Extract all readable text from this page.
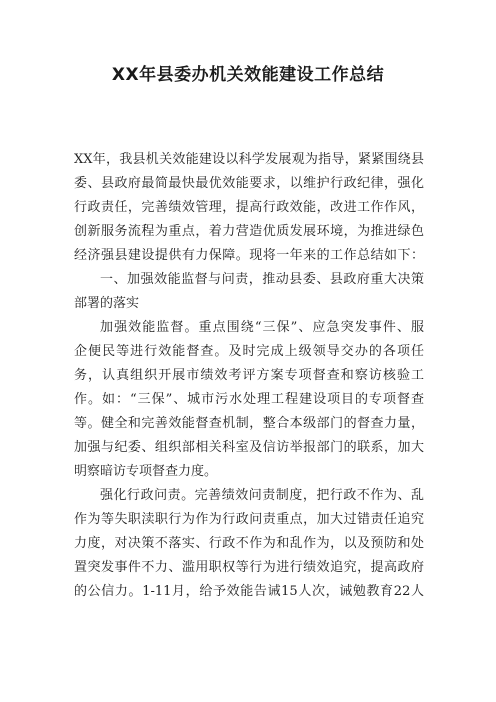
XX年县委办机关效能建设工作总结
XX年，我县机关效能建设以科学发展观为指导，紧紧围绕县
委、县政府最简最快最优效能要求，以维护行政纪律，强化
行政责任，完善绩效管理，提高行政效能，改进工作作风，
创新服务流程为重点，着力营造优质发展环境，为推进绿色
经济强县建设提供有力保障。现将一年来的工作总结如下：
一、加强效能监督与问责，推动县委、县政府重大决策
部署的落实
加强效能监督。重点围绕“三保”、应急突发事件、服
企便民等进行效能督查。及时完成上级领导交办的各项任
务，认真组织开展市绩效考评方案专项督查和察访核验工
作。如：“三保”、城市污水处理工程建设项目的专项督查
等。健全和完善效能督查机制，整合本级部门的督查力量，
加强与纪委、组织部相关科室及信访举报部门的联系，加大
明察暗访专项督查力度。
强化行政问责。完善绩效问责制度，把行政不作为、乱
作为等失职渎职行为作为行政问责重点，加大过错责任追究
力度，对决策不落实、行政不作为和乱作为，以及预防和处
置突发事件不力、滥用职权等行为进行绩效追究，提高政府
的公信力。1-11月，给予效能告诫15人次，诫勉教育22人
